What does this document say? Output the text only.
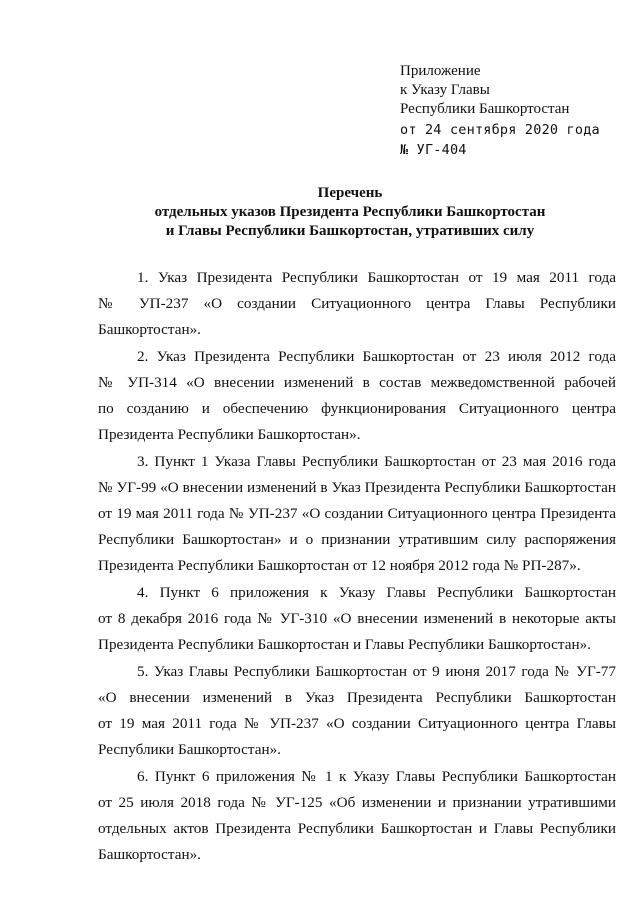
Приложение
к Указу Главы
Республики Башкортостан
от 24 сентября 2020 года
№ УГ-404
Перечень
отдельных указов Президента Республики Башкортостан
и Главы Республики Башкортостан, утративших силу
1. Указ Президента Республики Башкортостан от 19 мая 2011 года
№ УП-237 «О создании Ситуационного центра Главы Республики
Башкортостан».
2. Указ Президента Республики Башкортостан от 23 июля 2012 года
№ УП-314 «О внесении изменений в состав межведомственной рабочей
по созданию и обеспечению функционирования Ситуационного центра
Президента Республики Башкортостан».
3. Пункт 1 Указа Главы Республики Башкортостан от 23 мая 2016 года
№ УГ-99 «О внесении изменений в Указ Президента Республики Башкортостан
от 19 мая 2011 года № УП-237 «О создании Ситуационного центра Президента
Республики Башкортостан» и о признании утратившим силу распоряжения
Президента Республики Башкортостан от 12 ноября 2012 года № РП-287».
4. Пункт 6 приложения к Указу Главы Республики Башкортостан
от 8 декабря 2016 года № УГ-310 «О внесении изменений в некоторые акты
Президента Республики Башкортостан и Главы Республики Башкортостан».
5. Указ Главы Республики Башкортостан от 9 июня 2017 года № УГ-77
«О внесении изменений в Указ Президента Республики Башкортостан
от 19 мая 2011 года № УП-237 «О создании Ситуационного центра Главы
Республики Башкортостан».
6. Пункт 6 приложения № 1 к Указу Главы Республики Башкортостан
от 25 июля 2018 года № УГ-125 «Об изменении и признании утратившими
отдельных актов Президента Республики Башкортостан и Главы Республики
Башкортостан».
